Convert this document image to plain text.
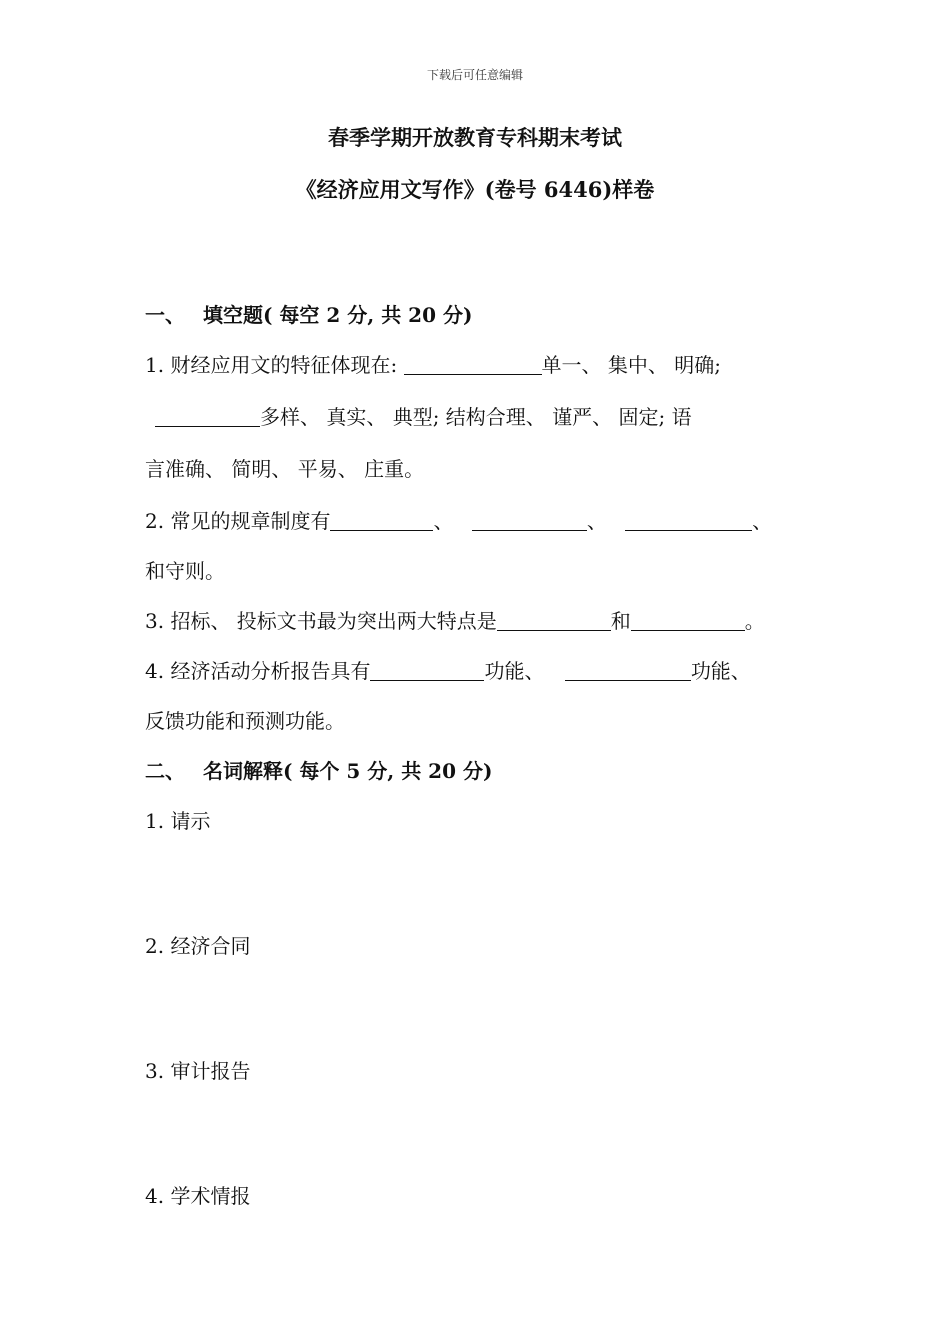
下载后可任意编辑
春季学期开放教育专科期末考试
《经济应用文写作》(卷号 6446)样卷
一、 填空题( 每空 2 分, 共 20 分)
1. 财经应用文的特征体现在:	单一、 集中、 明确;
多样、 真实、 典型; 结构合理、 谨严、 固定; 语
言准确、 简明、 平易、 庄重。
2. 常见的规章制度有	、	、	、
和守则。
3. 招标、 投标文书最为突出两大特点是	和	。
4. 经济活动分析报告具有	功能、	功能、
反馈功能和预测功能。
二、 名词解释( 每个 5 分, 共 20 分)
1. 请示
2. 经济合同
3. 审计报告
4. 学术情报
